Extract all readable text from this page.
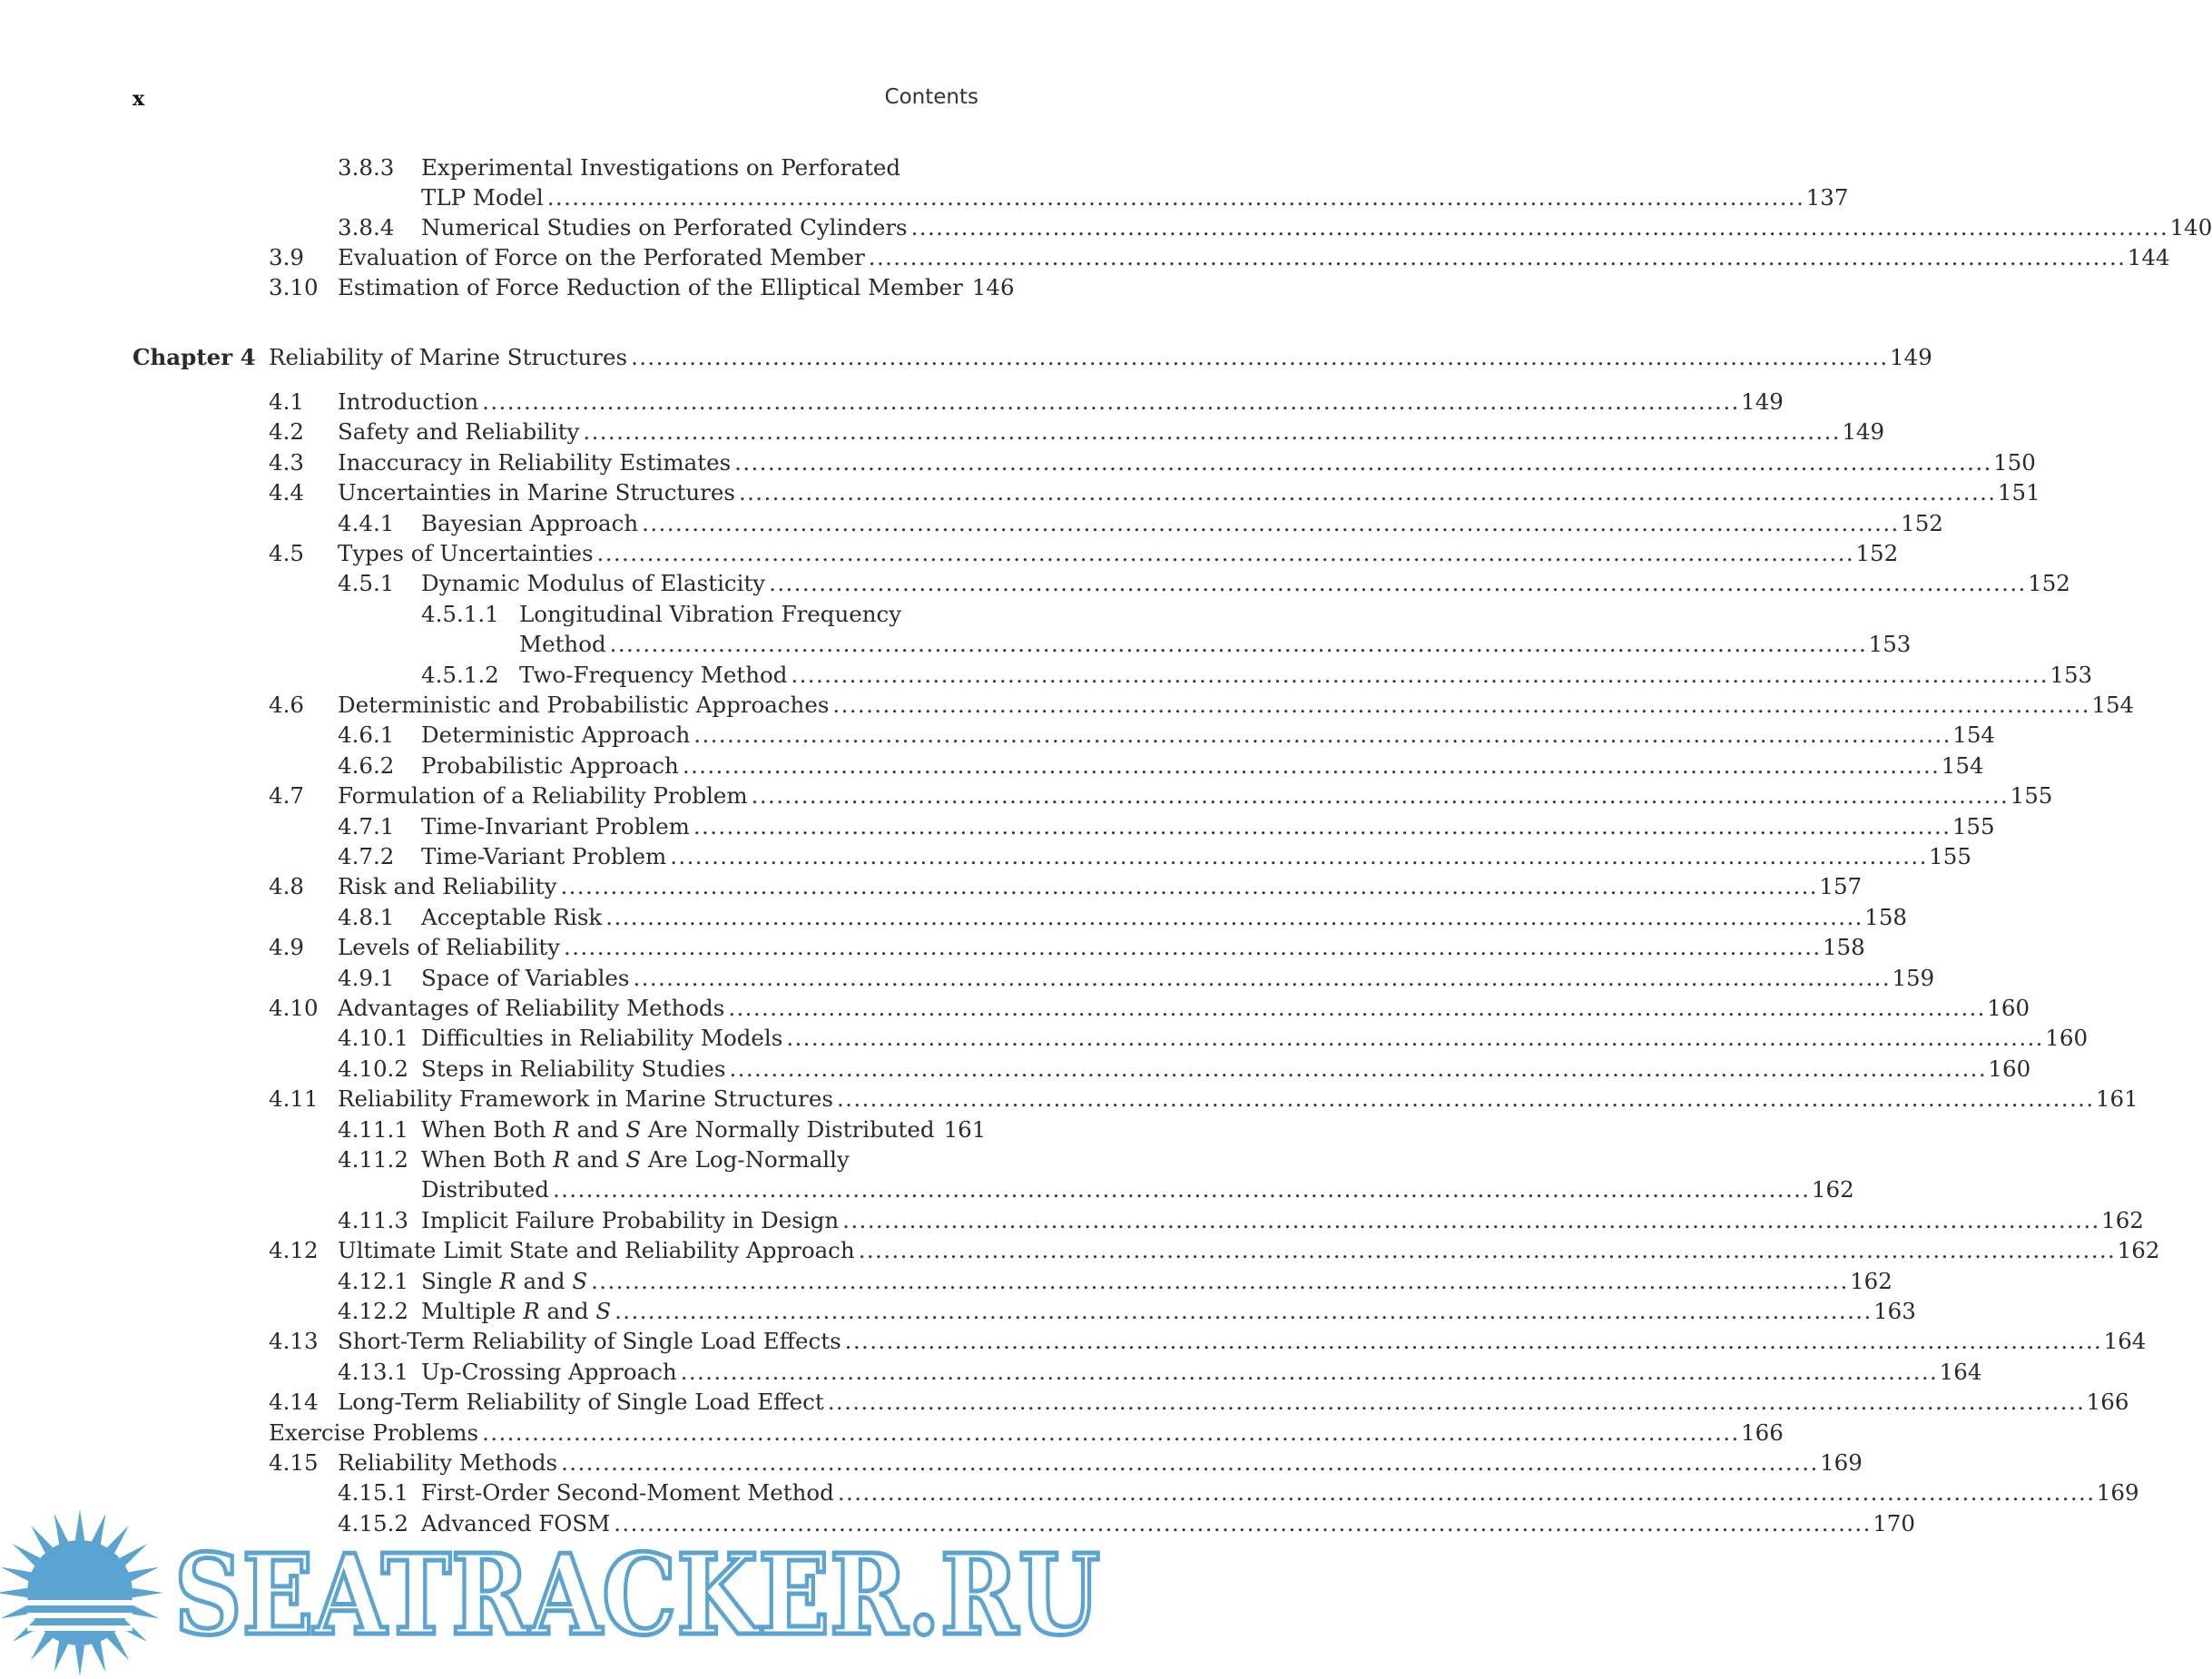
x	Contents
3.8.3 Experimental Investigations on Perforated
TLP Model . . .	137
3.8.4 Numerical Studies on Perforated Cylinders . . .	140
3.9 Evaluation of Force on the Perforated Member . . .	144
3.10 Estimation of Force Reduction of the Elliptical Member 146
Chapter 4 Reliability of Marine Structures . . .	149
4.1 Introduction . . .	149
4.2 Safety and Reliability . . .	149
4.3 Inaccuracy in Reliability Estimates . . .	150
4.4 Uncertainties in Marine Structures . . .	151
4.4.1 Bayesian Approach . . .	152
4.5 Types of Uncertainties . . .	152
4.5.1 Dynamic Modulus of Elasticity . . .	152
4.5.1.1 Longitudinal Vibration Frequency
Method . . .	153
4.5.1.2 Two-Frequency Method . . .	153
4.6 Deterministic and Probabilistic Approaches . . .	154
4.6.1 Deterministic Approach . . .	154
4.6.2 Probabilistic Approach . . .	154
4.7 Formulation of a Reliability Problem . . .	155
4.7.1 Time-Invariant Problem . . .	155
4.7.2 Time-Variant Problem . . .	155
4.8 Risk and Reliability . . .	157
4.8.1 Acceptable Risk . . .	158
4.9 Levels of Reliability . . .	158
4.9.1 Space of Variables . . .	159
4.10 Advantages of Reliability Methods . . .	160
4.10.1 Difficulties in Reliability Models . . .	160
4.10.2 Steps in Reliability Studies . . .	160
4.11 Reliability Framework in Marine Structures . . .	161
4.11.1 When Both R and S Are Normally Distributed 161
4.11.2 When Both R and S Are Log-Normally
Distributed . . .	162
4.11.3 Implicit Failure Probability in Design . . .	162
4.12 Ultimate Limit State and Reliability Approach . . .	162
4.12.1 Single R and S . . .	162
4.12.2 Multiple R and S . . .	163
4.13 Short-Term Reliability of Single Load Effects . . .	164
4.13.1 Up-Crossing Approach . . .	164
4.14 Long-Term Reliability of Single Load Effect . . .	166
Exercise Problems . . .	166
4.15 Reliability Methods . . .	169
4.15.1 First-Order Second-Moment Method . . .	169
4.15.2 Advanced FOSM . . .	170
SEATRACKER.RU
